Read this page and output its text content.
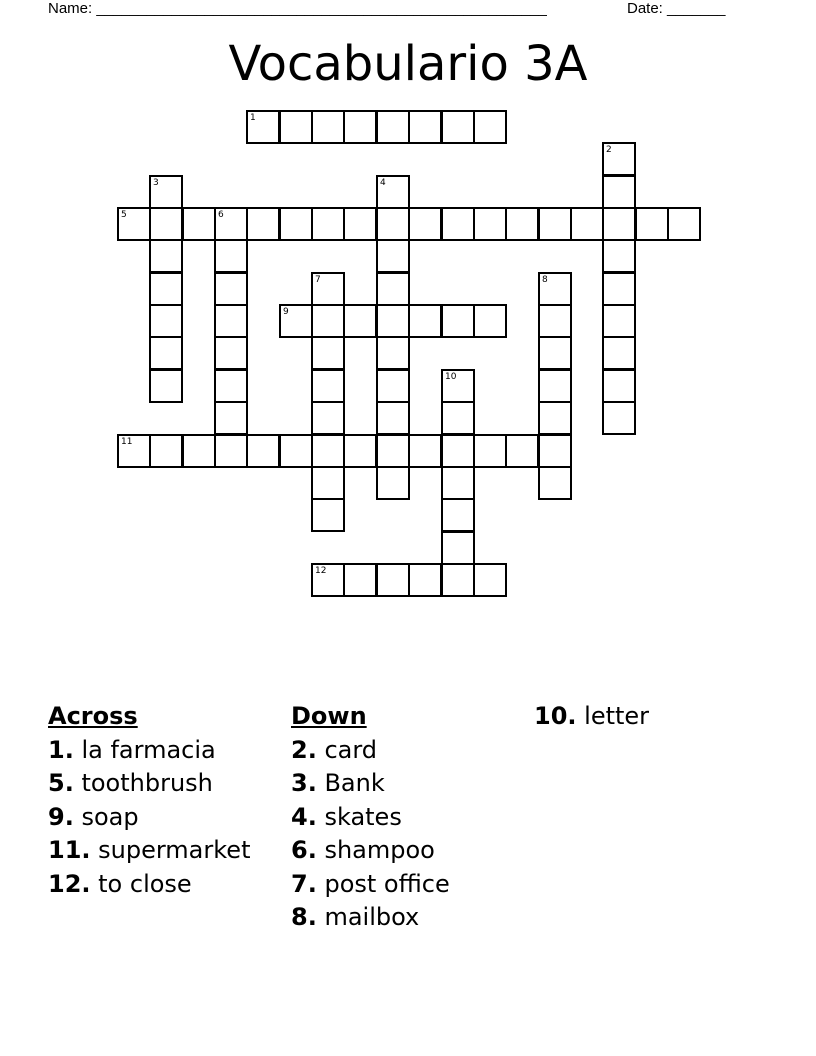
Name: ______________________________________________________	Date: _______
Vocabulario 3A
1
2
3	4
5	6
7	8
9
10
11
12
Across
1. la farmacia
5. toothbrush
9. soap
11. supermarket
12. to close
Down
2. card
3. Bank
4. skates
6. shampoo
7. post office
8. mailbox
10. letter
